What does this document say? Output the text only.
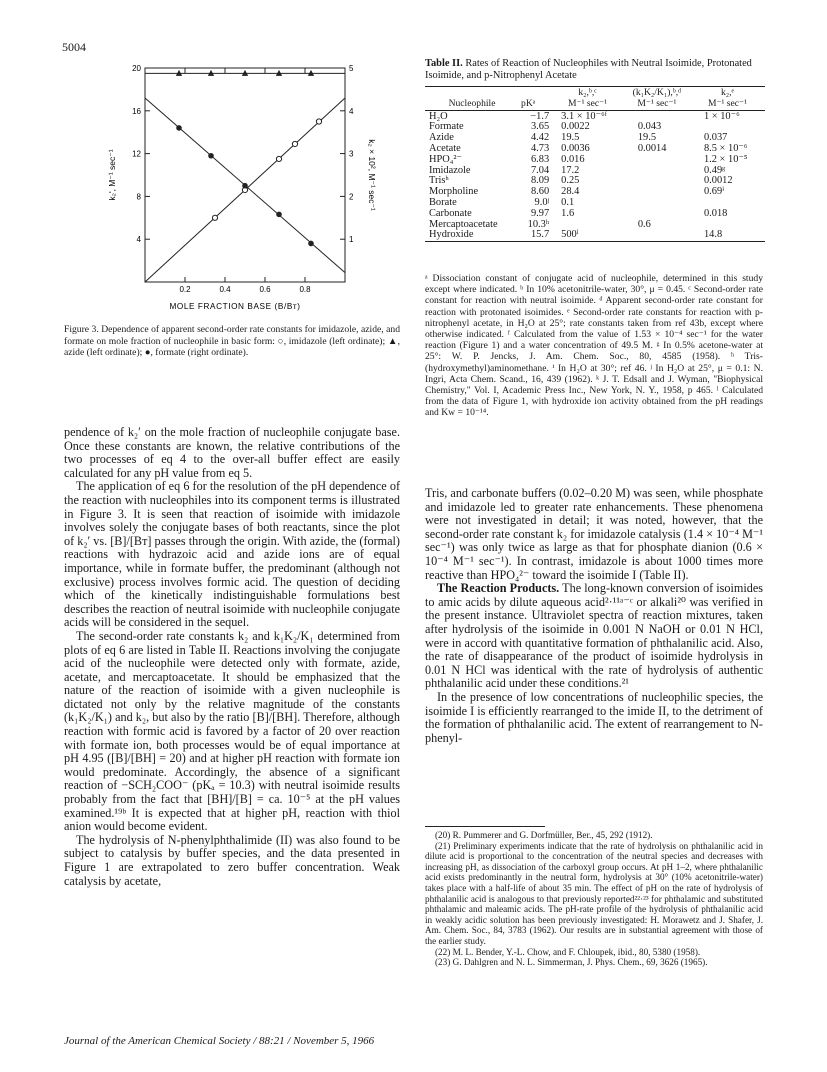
5004
0.2	0.4	0.6	0.8
4
8
12
16
20
1
2
3
4
5
MOLE FRACTION BASE (B/Bᴛ)
k₂ʹ, M⁻¹ sec⁻¹	k₂ × 10², M⁻¹ sec⁻¹
Figure 3. Dependence of apparent second-order rate constants for imidazole, azide, and formate on mole fraction of nucleophile in basic form: ○, imidazole (left ordinate); ▲, azide (left ordinate); ●, formate (right ordinate).
Table II. Rates of Reaction of Nucleophiles with Neutral Isoimide, Protonated Isoimide, and p-Nitrophenyl Acetate

		k₂,ᵇ,ᶜ	(k₁K₂/K₁),ᵇ,ᵈ	k₂,ᵉ
Nucleophile	pKᵃ	M⁻¹ sec⁻¹	M⁻¹ sec⁻¹	M⁻¹ sec⁻¹

H₂O	−1.7	3.1 × 10⁻⁶ᶠ		1 × 10⁻⁶
Formate	3.65	0.0022	0.043	
Azide	4.42	19.5	19.5	0.037
Acetate	4.73	0.0036	0.0014	8.5 × 10⁻⁶
HPO₄²⁻	6.83	0.016		1.2 × 10⁻⁵
Imidazole	7.04	17.2		0.49ᵍ
Trisʰ	8.09	0.25		0.0012
Morpholine	8.60	28.4		0.69ⁱ
Borate	9.0ʲ	0.1		
Carbonate	9.97	1.6		0.018
Mercaptoacetate	10.3ʰ		0.6	
Hydroxide	15.7	500ˡ		14.8

ᵃ Dissociation constant of conjugate acid of nucleophile, determined in this study except where indicated. ᵇ In 10% acetonitrile-water, 30°, μ = 0.45. ᶜ Second-order rate constant for reaction with neutral isoimide. ᵈ Apparent second-order rate constant for reaction with protonated isoimides. ᵉ Second-order rate constants for reaction with p-nitrophenyl acetate, in H₂O at 25°; rate constants taken from ref 43b, except where otherwise indicated. ᶠ Calculated from the value of 1.53 × 10⁻⁴ sec⁻¹ for the water reaction (Figure 1) and a water concentration of 49.5 M. ᵍ In 0.5% acetone-water at 25°: W. P. Jencks, J. Am. Chem. Soc., 80, 4585 (1958). ʰ Tris-(hydroxymethyl)aminomethane. ⁱ In H₂O at 30°; ref 46. ʲ In H₂O at 25°, μ = 0.1: N. Ingri, Acta Chem. Scand., 16, 439 (1962). ᵏ J. T. Edsall and J. Wyman, "Biophysical Chemistry," Vol. I, Academic Press Inc., New York, N. Y., 1958, p 465. ˡ Calculated from the data of Figure 1, with hydroxide ion activity obtained from the pH readings and Kw = 10⁻¹⁴.

pendence of k₂ʹ on the mole fraction of nucleophile conjugate base. Once these constants are known, the relative contributions of the two processes of eq 4 to the over-all buffer effect are easily calculated for any pH value from eq 5.

The application of eq 6 for the resolution of the pH dependence of the reaction with nucleophiles into its component terms is illustrated in Figure 3. It is seen that reaction of isoimide with imidazole involves solely the conjugate bases of both reactants, since the plot of k₂ʹ vs. [B]/[Bᴛ] passes through the origin. With azide, the (formal) reactions with hydrazoic acid and azide ions are of equal importance, while in formate buffer, the predominant (although not exclusive) process involves formic acid. The question of deciding which of the kinetically indistinguishable formulations best describes the reaction of neutral isoimide with nucleophile conjugate acids will be considered in the sequel.

The second-order rate constants k₂ and k₁K₂/K₁ determined from plots of eq 6 are listed in Table II. Reactions involving the conjugate acid of the nucleophile were detected only with formate, azide, acetate, and mercaptoacetate. It should be emphasized that the nature of the reaction of isoimide with a given nucleophile is dictated not only by the relative magnitude of the constants (k₁K₂/K₁) and k₂, but also by the ratio [B]/[BH]. Therefore, although reaction with formic acid is favored by a factor of 20 over reaction with formate ion, both processes would be of equal importance at pH 4.95 ([B]/[BH] = 20) and at higher pH reaction with formate ion would predominate. Accordingly, the absence of a significant reaction of −SCH₂COO⁻ (pKₐ = 10.3) with neutral isoimide results probably from the fact that [BH]/[B] = ca. 10⁻⁵ at the pH values examined.¹⁹ᵇ It is expected that at higher pH, reaction with thiol anion would become evident.

The hydrolysis of N-phenylphthalimide (II) was also found to be subject to catalysis by buffer species, and the data presented in Figure 1 are extrapolated to zero buffer concentration. Weak catalysis by acetate,

Tris, and carbonate buffers (0.02–0.20 M) was seen, while phosphate and imidazole led to greater rate enhancements. These phenomena were not investigated in detail; it was noted, however, that the second-order rate constant k₂ for imidazole catalysis (1.4 × 10⁻⁴ M⁻¹ sec⁻¹) was only twice as large as that for phosphate dianion (0.6 × 10⁻⁴ M⁻¹ sec⁻¹). In contrast, imidazole is about 1000 times more reactive than HPO₄²⁻ toward the isoimide I (Table II).

The Reaction Products. The long-known conversion of isoimides to amic acids by dilute aqueous acid²·¹¹ᵃ⁻ᶜ or alkali²⁰ was verified in the present instance. Ultraviolet spectra of reaction mixtures, taken after hydrolysis of the isoimide in 0.001 N NaOH or 0.01 N HCl, were in accord with quantitative formation of phthalanilic acid. Also, the rate of disappearance of the product of isoimide hydrolysis in 0.01 N HCl was identical with the rate of hydrolysis of authentic phthalanilic acid under these conditions.²¹

In the presence of low concentrations of nucleophilic species, the isoimide I is efficiently rearranged to the imide II, to the detriment of the formation of phthalanilic acid. The extent of rearrangement to N-phenyl-

(20) R. Pummerer and G. Dorfmüller, Ber., 45, 292 (1912).
(21) Preliminary experiments indicate that the rate of hydrolysis on phthalanilic acid in dilute acid is proportional to the concentration of the neutral species and decreases with increasing pH, as dissociation of the carboxyl group occurs. At pH 1–2, where phthalanilic acid exists predominantly in the neutral form, hydrolysis at 30° (10% acetonitrile-water) takes place with a half-life of about 35 min. The effect of pH on the rate of hydrolysis of phthalanilic acid is analogous to that previously reported²²·²³ for phthalamic and substituted phthalamic and maleamic acids. The pH-rate profile of the hydrolysis of phthalanilic acid in weakly acidic solution has been previously investigated: H. Morawetz and J. Shafer, J. Am. Chem. Soc., 84, 3783 (1962). Our results are in substantial agreement with those of the earlier study.
(22) M. L. Bender, Y.-L. Chow, and F. Chloupek, ibid., 80, 5380 (1958).
(23) G. Dahlgren and N. L. Simmerman, J. Phys. Chem., 69, 3626 (1965).
Journal of the American Chemical Society / 88:21 / November 5, 1966
